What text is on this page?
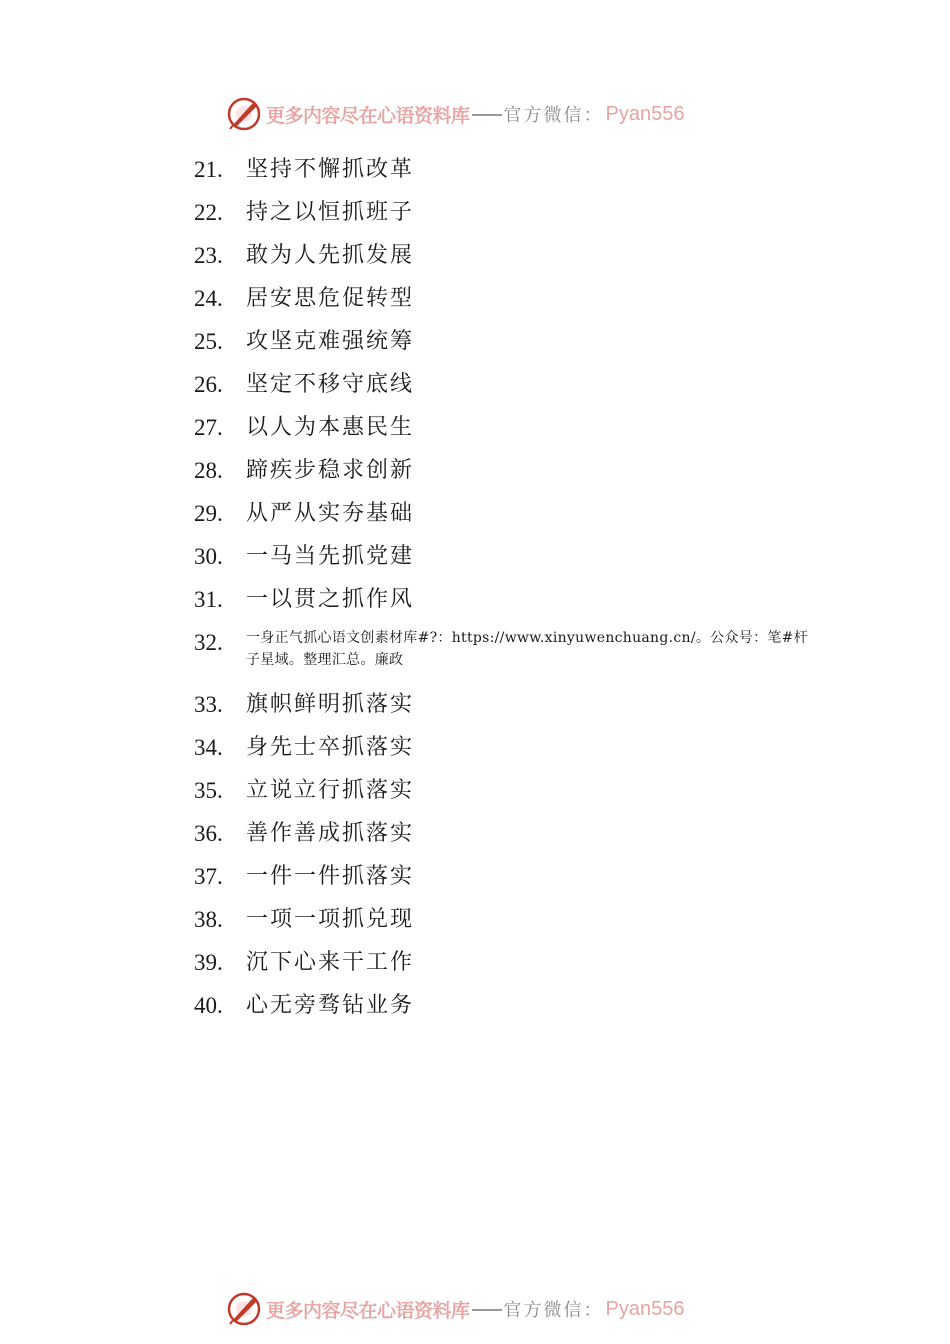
更多内容尽在心语资料库 官方微信： Pyan556
21. 坚持不懈抓改革
22. 持之以恒抓班子
23. 敢为人先抓发展
24. 居安思危促转型
25. 攻坚克难强统筹
26. 坚定不移守底线
27. 以人为本惠民生
28. 蹄疾步稳求创新
29. 从严从实夯基础
30. 一马当先抓党建
31. 一以贯之抓作风
32. 一身正气抓心语文创素材库#?：https://www.xinyuwenchuang.cn/。公众号：笔#杆子星域。整理汇总。廉政
33. 旗帜鲜明抓落实
34. 身先士卒抓落实
35. 立说立行抓落实
36. 善作善成抓落实
37. 一件一件抓落实
38. 一项一项抓兑现
39. 沉下心来干工作
40. 心无旁骛钻业务
更多内容尽在心语资料库 官方微信： Pyan556
